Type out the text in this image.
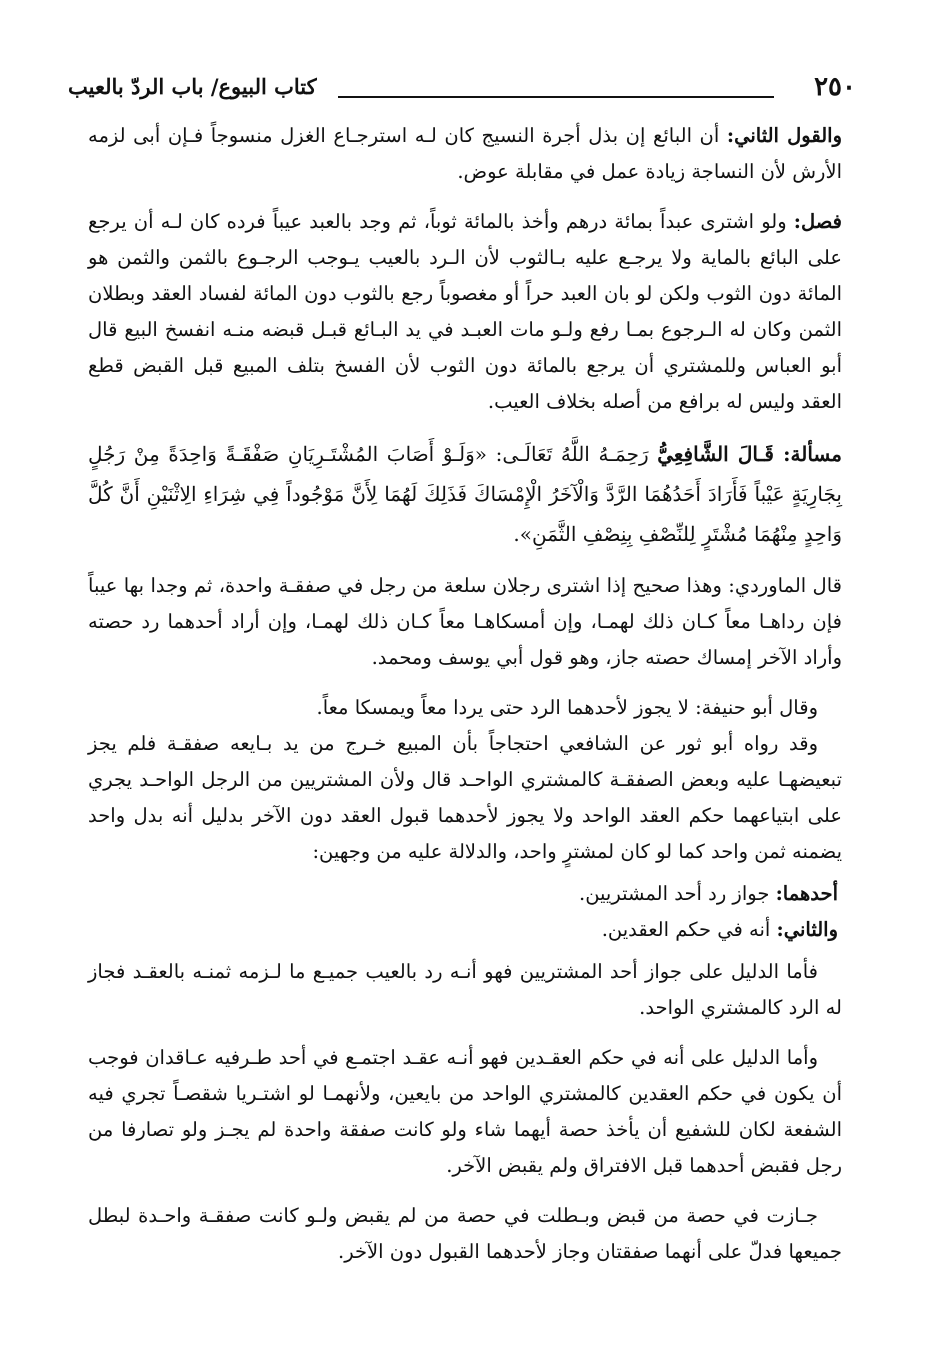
٢٥٠
كتاب البيوع/ باب الردّ بالعيب

والقول الثاني: أن البائع إن بذل أجرة النسيج كان لـه استرجـاع الغزل منسوجاً فـإن أبى لزمه الأرش لأن النساجة زيادة عمل في مقابلة عوض.

فصل: ولو اشترى عبداً بمائة درهم وأخذ بالمائة ثوباً، ثم وجد بالعبد عيباً فرده كان لـه أن يرجع على البائع بالماية ولا يرجـع عليه بـالثوب لأن الـرد بالعيب يـوجب الرجـوع بالثمن والثمن هو المائة دون الثوب ولكن لو بان العبد حراً أو مغصوباً رجع بالثوب دون المائة لفساد العقد وبطلان الثمن وكان له الـرجوع بمـا رفع ولـو مات العبـد في يد البـائع قبـل قبضه منـه انفسخ البيع قال أبو العباس وللمشتري أن يرجع بالمائة دون الثوب لأن الفسخ بتلف المبيع قبل القبض قطع العقد وليس له برافع من أصله بخلاف العيب.

مسألة: قَـالَ الشَّافِعِيُّ رَحِمَـهُ اللَّهُ تَعَالَـى: «وَلَـوْ أَصَابَ المُشْتَـرِيَانِ صَفْقَـةً وَاحِدَةً مِنْ رَجُلٍ بِجَارِيَةٍ عَيْباً فَأَرَادَ أَحَدُهُمَا الرَّدَّ وَالْآخَرُ الْإِمْسَاكَ فَذَلِكَ لَهُمَا لِأَنَّ مَوْجُوداً فِي شِرَاءِ الِاثْنَيْنِ أَنَّ كُلَّ وَاحِدٍ مِنْهُمَا مُشْتَرٍ لِلنِّصْفِ بِنِصْفِ الثَّمَنِ».

قال الماوردي: وهذا صحيح إذا اشترى رجلان سلعة من رجل في صفقـة واحدة، ثم وجدا بها عيباً فإن رداهـا معاً كـان ذلك لهمـا، وإن أمسكاهـا معاً كـان ذلك لهمـا، وإن أراد أحدهما رد حصته وأراد الآخر إمساك حصته جاز، وهو قول أبي يوسف ومحمد.

وقال أبو حنيفة: لا يجوز لأحدهما الرد حتى يردا معاً ويمسكا معاً.

وقد رواه أبو ثور عن الشافعي احتجاجاً بأن المبيع خـرج من يد بـايعه صفقـة فلم يجز تبعيضهـا عليه وبعض الصفقـة كالمشتري الواحـد قال ولأن المشتريين من الرجل الواحـد يجري على ابتياعهما حكم العقد الواحد ولا يجوز لأحدهما قبول العقد دون الآخر بدليل أنه بدل واحد يضمنه ثمن واحد كما لو كان لمشترٍ واحد، والدلالة عليه من وجهين:

أحدهما: جواز رد أحد المشتريين.

والثاني: أنه في حكم العقدين.

فأما الدليل على جواز أحد المشتريين فهو أنـه رد بالعيب جميـع ما لـزمه ثمنـه بالعقـد فجاز له الرد كالمشتري الواحد.

وأما الدليل على أنه في حكم العقـدين فهو أنـه عقـد اجتمـع في أحد طـرفيه عـاقدان فوجب أن يكون في حكم العقدين كالمشتري الواحد من بايعين، ولأنهمـا لو اشتـريا شقصـاً تجري فيه الشفعة لكان للشفيع أن يأخذ حصة أيهما شاء ولو كانت صفقة واحدة لم يجـز ولو تصارفا من رجل فقبض أحدهما قبل الافتراق ولم يقبض الآخر.

جـازت في حصة من قبض وبـطلت في حصة من لم يقبض ولـو كانت صفقـة واحـدة لبطل جميعها فدلّ على أنهما صفقتان وجاز لأحدهما القبول دون الآخر.
